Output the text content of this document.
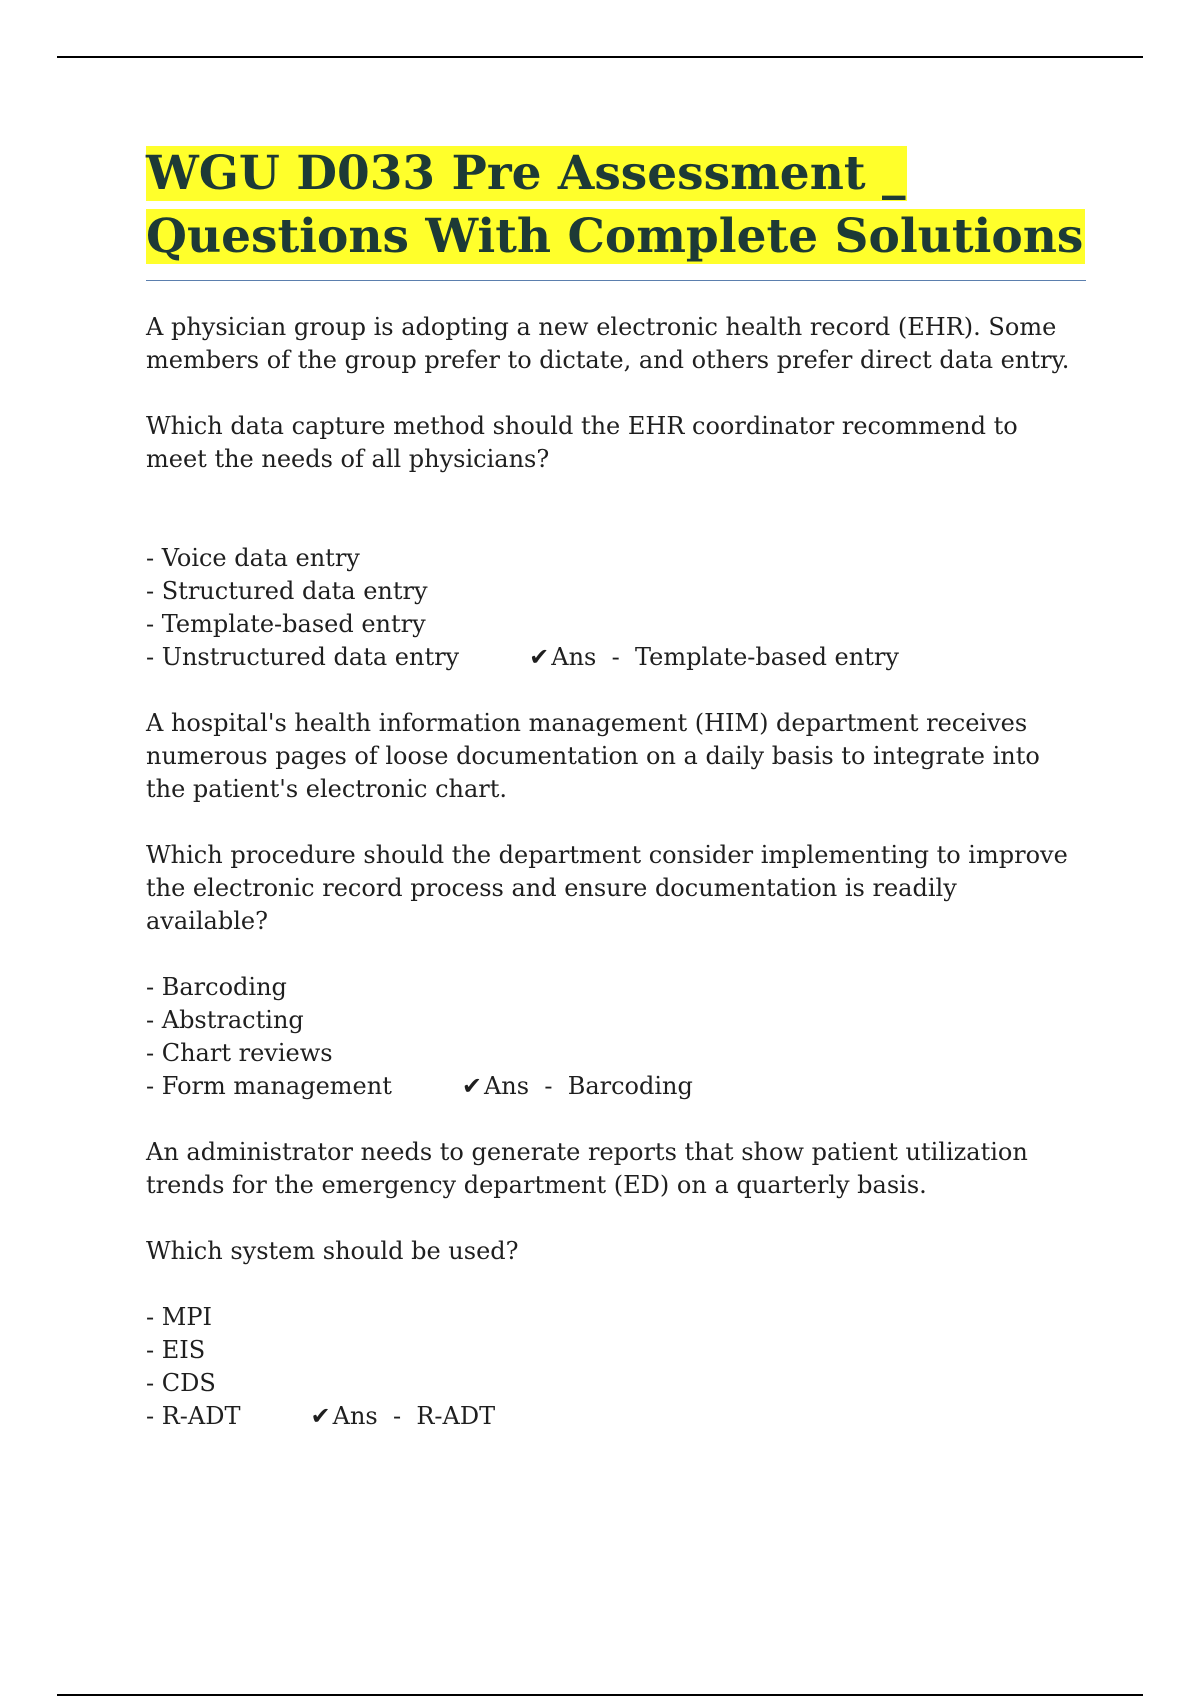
WGU D033 Pre Assessment _
Questions With Complete Solutions

A physician group is adopting a new electronic health record (EHR). Some members of the group prefer to dictate, and others prefer direct data entry.

Which data capture method should the EHR coordinator recommend to meet the needs of all physicians?

- Voice data entry
- Structured data entry
- Template-based entry
- Unstructured data entry	✔Ans  -  Template-based entry

A hospital's health information management (HIM) department receives numerous pages of loose documentation on a daily basis to integrate into the patient's electronic chart.

Which procedure should the department consider implementing to improve the electronic record process and ensure documentation is readily available?

- Barcoding
- Abstracting
- Chart reviews
- Form management	✔Ans  -  Barcoding

An administrator needs to generate reports that show patient utilization trends for the emergency department (ED) on a quarterly basis.

Which system should be used?

- MPI
- EIS
- CDS
- R-ADT	✔Ans  -  R-ADT
